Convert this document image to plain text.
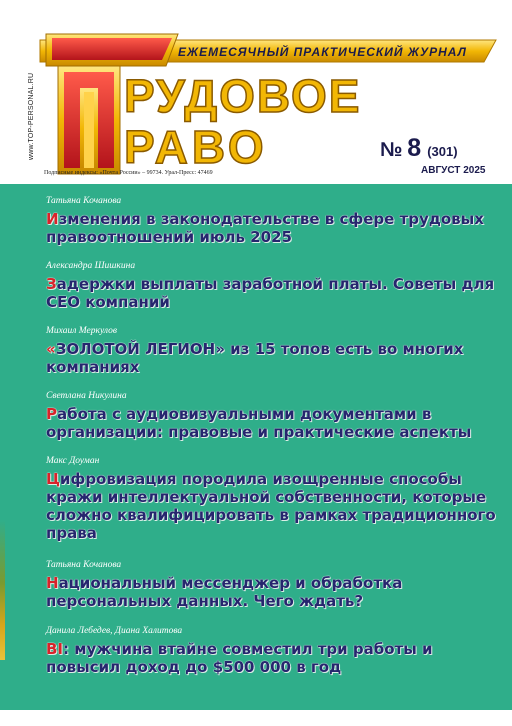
ЕЖЕМЕСЯЧНЫЙ ПРАКТИЧЕСКИЙ ЖУРНАЛ
РУДОВОЕ
РАВО
www.TOP-PERSONAL.RU
Подписные индексы: «Почта России» – 99734. Урал-Пресс: 47469
№ 8 (301)
АВГУСТ 2025
Татьяна Кочанова
Изменения в законодательстве в сфере трудовых правоотношений июль 2025
Александра Шишкина
Задержки выплаты заработной платы. Советы для CEO компаний
Михаил Меркулов
«ЗОЛОТОЙ ЛЕГИОН» из 15 топов есть во многих компаниях
Светлана Никулина
Работа с аудиовизуальными документами в организации: правовые и практические аспекты
Макс Доуман
Цифровизация породила изощренные способы кражи интеллектуальной собственности, которые сложно квалифицировать в рамках традиционного права
Татьяна Кочанова
Национальный мессенджер и обработка персональных данных. Чего ждать?
Данила Лебедев, Диана Халитова
BI: мужчина втайне совместил три работы и повысил доход до $500 000 в год
